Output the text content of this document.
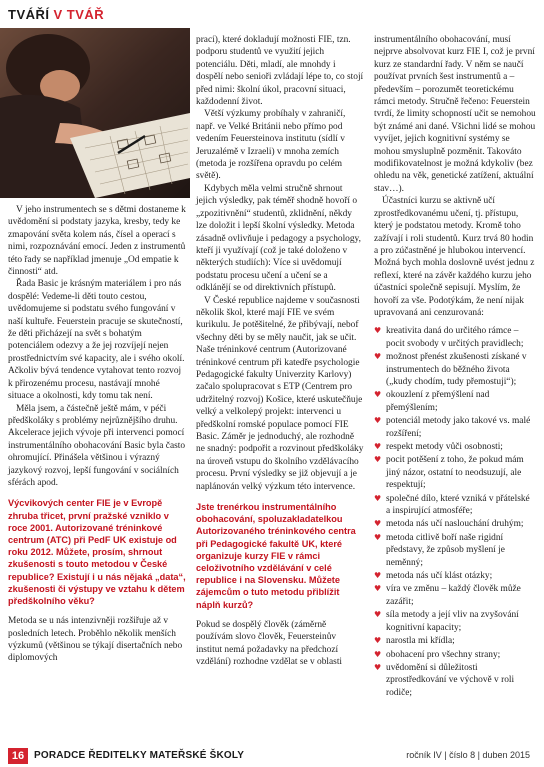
TVÁŘÍ V TVÁŘ

V jeho instrumentech se s dětmi dostaneme k uvědomění si podstaty jazyka, kresby, tedy ke zmapování světa kolem nás, čísel a operací s nimi, rozpoznávání emocí. Jeden z instrumentů této řady se například jmenuje „Od empatie k činnosti“ atd.

Řada Basic je krásným materiálem i pro nás dospělé: Vedeme-li děti touto cestou, uvědomujeme si podstatu svého fungování v naší kultuře. Feuerstein pracuje se skutečností, že děti přicházejí na svět s bohatým potenciálem odezvy a že jej rozvíjejí nejen prostřednictvím své kapacity, ale i svého okolí. Ačkoliv bývá tendence vytahovat tento rozvoj k přirozenému procesu, nastávají mnohé situace a okolnosti, kdy tomu tak není.

Měla jsem, a částečně ještě mám, v péči předškoláky s problémy nejrůznějšího druhu. Akcelerace jejich vývoje při intervenci pomocí instrumentálního obohacování Basic byla často ohromující. Přinášela většinou i výrazný jazykový rozvoj, lepší fungování v sociálních sférách apod.

Výcvikových center FIE je v Evropě zhruba třicet, první pražské vzniklo v roce 2001. Autorizované tréninkové centrum (ATC) při PedF UK existuje od roku 2012. Můžete, prosím, shrnout zkušenosti s touto metodou v České republice? Existují i u nás nějaká „data“, zkušenosti či výstupy ve vztahu k dětem předškolního věku?

Metoda se u nás intenzivněji rozšiřuje až v posledních letech. Proběhlo několik menších výzkumů (většinou se týkají disertačních nebo diplomových

prací), které dokladují možnosti FIE, tzn. podporu studentů ve využití jejich potenciálu. Děti, mladí, ale mnohdy i dospělí nebo senioři zvládají lépe to, co stojí před nimi: školní úkol, pracovní situaci, každodenní život.

Větší výzkumy probíhaly v zahraničí, např. ve Velké Británii nebo přímo pod vedením Feuersteinova institutu (sídlí v Jeruzalémě v Izraeli) v mnoha zemích (metoda je rozšířena opravdu po celém světě).

Kdybych měla velmi stručně shrnout jejich výsledky, pak téměř shodně hovoří o „zpozitivnění“ studentů, zklidnění, někdy lze doložit i lepší školní výsledky. Metoda zásadně ovlivňuje i pedagogy a psychology, kteří ji využívají (což je také doloženo v některých studiích): Více si uvědomují podstatu procesu učení a učení se a odklánějí se od direktivních přístupů.

V České republice najdeme v současnosti několik škol, které mají FIE ve svém kurikulu. Je potěšitelné, že přibývají, nebof všechny děti by se měly naučit, jak se učit. Naše tréninkové centrum (Autorizované tréninkové centrum při katedře psychologie Pedagogické fakulty Univerzity Karlovy) začalo spolupracovat s ETP (Centrem pro udržitelný rozvoj) Košice, které uskutečňuje velký a velkolepý projekt: intervenci u předškolní romské populace pomocí FIE Basic. Záměr je jednoduchý, ale rozhodně ne snadný: podpořit a rozvinout předškoláky na úroveň vstupu do školního vzdělávacího procesu. První výsledky se již objevují a je naplánován velký výzkum této intervence.

Jste trenérkou instrumentálního obohacování, spoluzakladatelkou Autorizovaného tréninkového centra při Pedagogické fakultě UK, které organizuje kurzy FIE v rámci celoživotního vzdělávání v celé republice i na Slovensku. Můžete zájemcům o tuto metodu přiblížit náplň kurzů?

Pokud se dospělý člověk (záměrně používám slovo člověk, Feuersteinův institut nemá požadavky na předchozí vzdělání) rozhodne vzdělat se v oblasti

instrumentálního obohacování, musí nejprve absolvovat kurz FIE I, což je první kurz ze standardní řady. V něm se naučí používat prvních šest instrumentů a – především – porozumět teoretickému rámci metody. Stručně řečeno: Feuerstein tvrdí, že limity schopností učit se nemohou být známé ani dané. Všichni lidé se mohou vyvíjet, jejich kognitivní systémy se mohou smysluplně pozměnit. Takováto modifikovatelnost je možná kdykoliv (bez ohledu na věk, genetické zatížení, aktuální stav…).

Účastníci kurzu se aktivně učí zprostředkovanému učení, tj. přístupu, který je podstatou metody. Kromě toho zažívají i roli studentů. Kurz trvá 80 hodin a pro zúčastněné je hlubokou intervencí. Možná bych mohla doslovně uvést jednu z reflexí, které na závěr každého kurzu jeho účastníci společně sepisují. Myslím, že hovoří za vše. Podotýkám, že není nijak upravovaná ani cenzurovaná:

♥ kreativita daná do určitého rámce – pocit svobody v určitých pravidlech;
♥ možnost přenést zkušenosti získané v instrumentech do běžného života („kudy chodím, tudy přemostuji“);
♥ okouzlení z přemýšlení nad přemýšlením;
♥ potenciál metody jako takové vs. malé rozšíření;
♥ respekt metody vůči osobnosti;
♥ pocit potěšení z toho, že pokud mám jiný názor, ostatní to neodsuzují, ale respektují;
♥ společné dílo, které vzniká v přátelské a inspirující atmosféře;
♥ metoda nás učí naslouchání druhým;
♥ metoda citlivě boří naše rigidní představy, že způsob myšlení je neměnný;
♥ metoda nás učí klást otázky;
♥ víra ve změnu – každý člověk může zazářit;
♥ síla metody a její vliv na zvyšování kognitivní kapacity;
♥ narostla mi křídla;
♥ obohacení pro všechny strany;
♥ uvědomění si důležitosti zprostředkování ve výchově v roli rodiče;
16 PORADCE ŘEDITELKY MATEŘSKÉ ŠKOLY	ročník IV | číslo 8 | duben 2015
